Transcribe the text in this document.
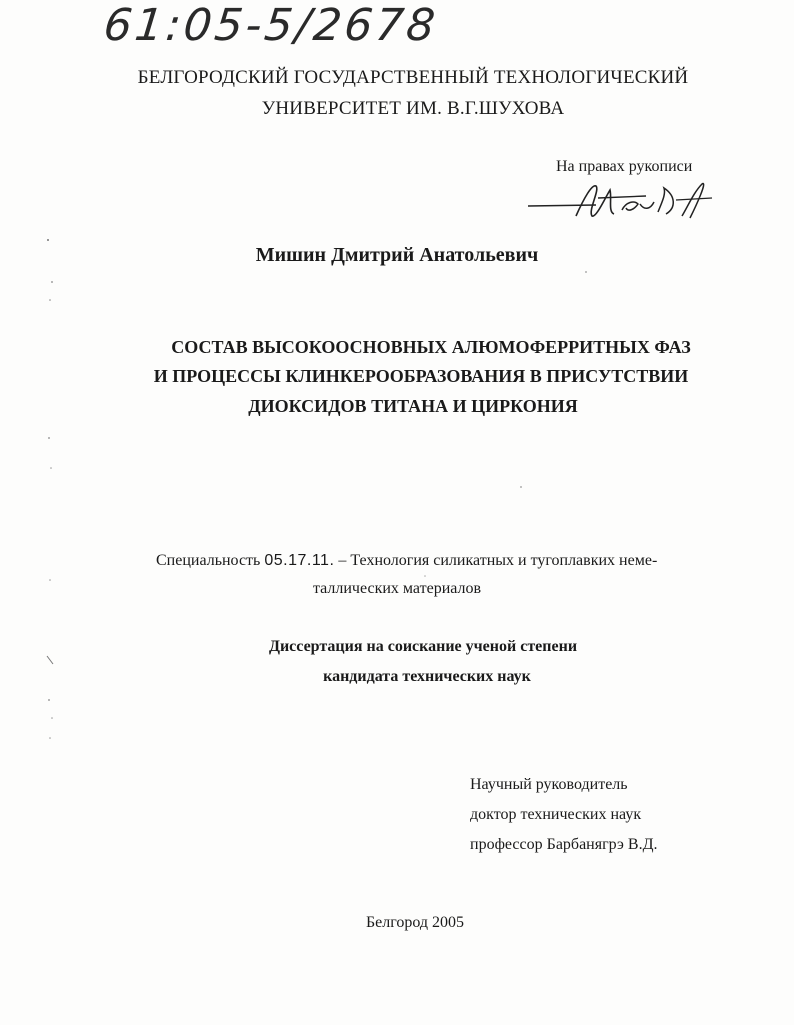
61:05-5/2678
БЕЛГОРОДСКИЙ ГОСУДАРСТВЕННЫЙ ТЕХНОЛОГИЧЕСКИЙ
УНИВЕРСИТЕТ ИМ. В.Г.ШУХОВА
На правах рукописи
Мишин Дмитрий Анатольевич
СОСТАВ ВЫСОКООСНОВНЫХ АЛЮМОФЕРРИТНЫХ ФАЗ
И ПРОЦЕССЫ КЛИНКЕРООБРАЗОВАНИЯ В ПРИСУТСТВИИ
ДИОКСИДОВ ТИТАНА И ЦИРКОНИЯ
Специальность 05.17.11. – Технология силикатных и тугоплавких неме-
таллических материалов
Диссертация на соискание ученой степени
кандидата технических наук
Научный руководитель
доктор технических наук
профессор Барбанягрэ В.Д.
Белгород 2005
